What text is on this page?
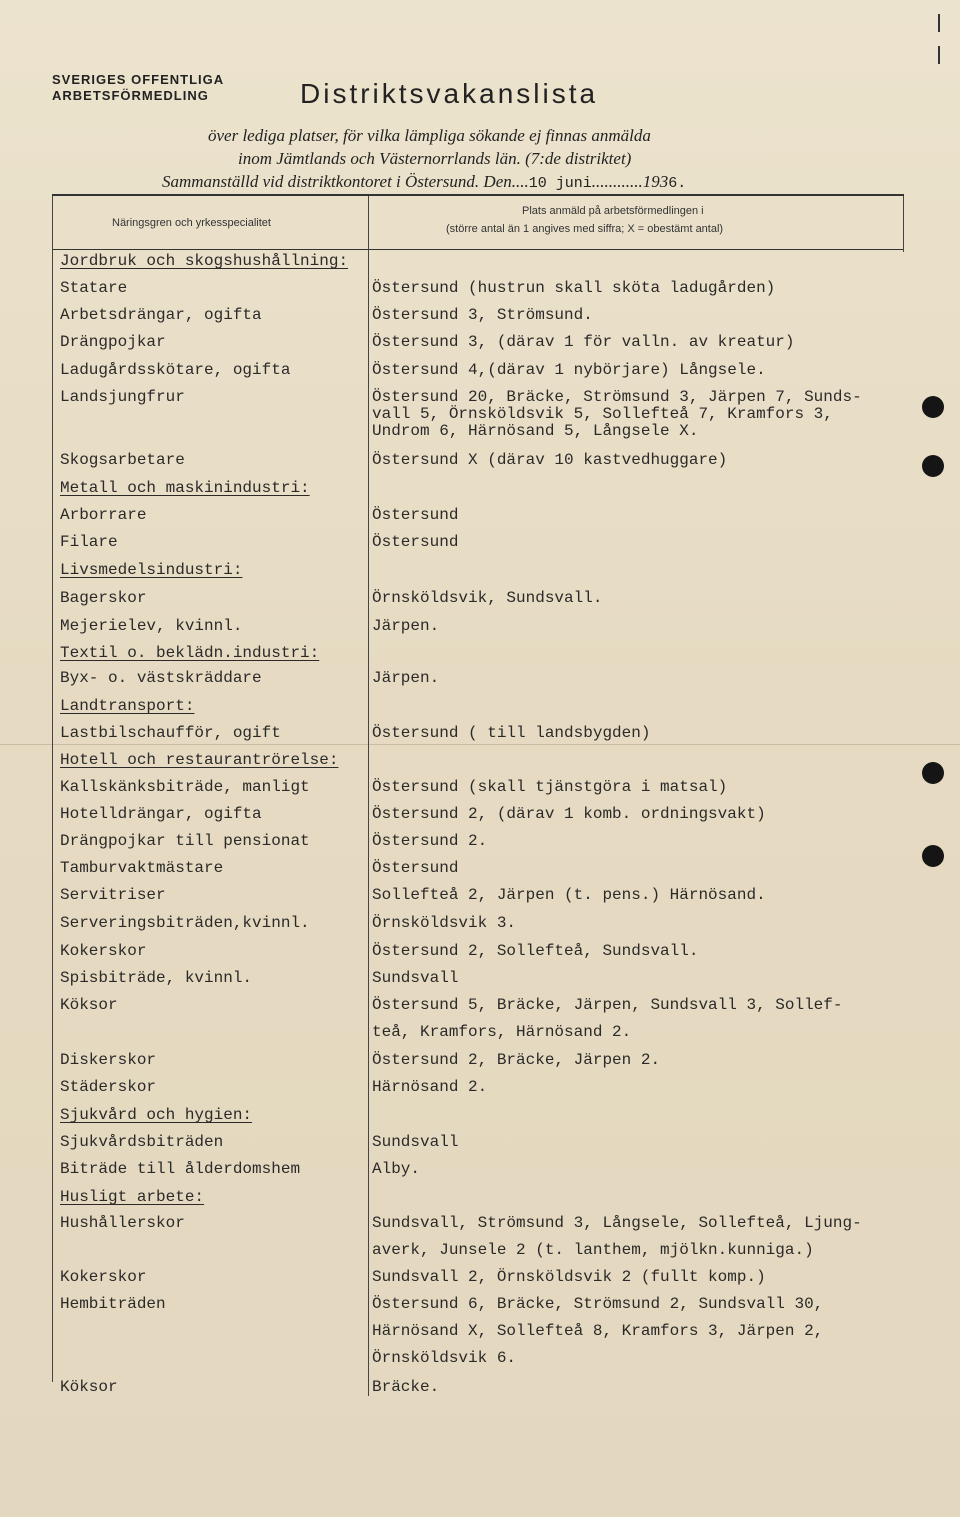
SVERIGES OFFENTLIGA
ARBETSFÖRMEDLING	Distriktsvakanslista
över lediga platser, för vilka lämpliga sökande ej finnas anmälda
inom Jämtlands och Västernorrlands län. (7:de distriktet)
Sammanställd vid distriktkontoret i Östersund. Den....10 juni............1936.
Näringsgren och yrkesspecialitet
Plats anmäld på arbetsförmedlingen i
(större antal än 1 angives med siffra; X = obestämt antal)
Jordbruk och skogshushållning:
Statare	Östersund (hustrun skall sköta ladugården)
Arbetsdrängar, ogifta	Östersund 3, Strömsund.
Drängpojkar	Östersund 3, (därav 1 för valln. av kreatur)
Ladugårdsskötare, ogifta	Östersund 4,(därav 1 nybörjare) Långsele.
Landsjungfrur	Östersund 20, Bräcke, Strömsund 3, Järpen 7, Sunds-
vall 5, Örnsköldsvik 5, Sollefteå 7, Kramfors 3,
Undrom 6, Härnösand 5, Långsele X.
Skogsarbetare	Östersund X (därav 10 kastvedhuggare)
Metall och maskinindustri:
Arborrare	Östersund
Filare	Östersund
Livsmedelsindustri:
Bagerskor	Örnsköldsvik, Sundsvall.
Mejerielev, kvinnl.	Järpen.
Textil o. beklädn.industri:
Byx- o. västskräddare	Järpen.
Landtransport:
Lastbilschaufför, ogift	Östersund ( till landsbygden)
Hotell och restaurantrörelse:
Kallskänksbiträde, manligt	Östersund (skall tjänstgöra i matsal)
Hotelldrängar, ogifta	Östersund 2, (därav 1 komb. ordningsvakt)
Drängpojkar till pensionat	Östersund 2.
Tamburvaktmästare	Östersund
Servitriser	Sollefteå 2, Järpen (t. pens.) Härnösand.
Serveringsbiträden,kvinnl.	Örnsköldsvik 3.
Kokerskor	Östersund 2, Sollefteå, Sundsvall.
Spisbiträde, kvinnl.	Sundsvall
Köksor	Östersund 5, Bräcke, Järpen, Sundsvall 3, Sollef-
teå, Kramfors, Härnösand 2.
Diskerskor	Östersund 2, Bräcke, Järpen 2.
Städerskor	Härnösand 2.
Sjukvård och hygien:
Sjukvårdsbiträden	Sundsvall
Biträde till ålderdomshem	Alby.
Husligt arbete:
Hushållerskor	Sundsvall, Strömsund 3, Långsele, Sollefteå, Ljung-
averk, Junsele 2 (t. lanthem, mjölkn.kunniga.)
Kokerskor	Sundsvall 2, Örnsköldsvik 2 (fullt komp.)
Hembiträden	Östersund 6, Bräcke, Strömsund 2, Sundsvall 30,
Härnösand X, Sollefteå 8, Kramfors 3, Järpen 2,
Örnsköldsvik 6.
Köksor	Bräcke.
